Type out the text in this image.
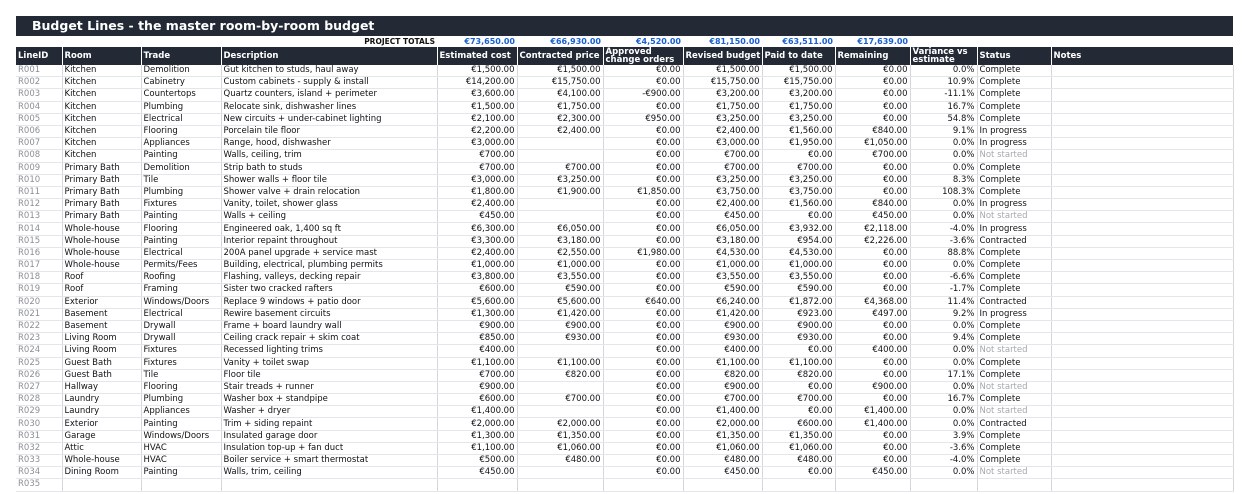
Budget Lines - the master room-by-room budget
PROJECT TOTALS	€73,650.00	€66,930.00	€4,520.00	€81,150.00	€63,511.00	€17,639.00
LineID	Room	Trade	Description	Estimated cost	Contracted price	Approved change orders	Revised budget	Paid to date	Remaining	Variance vs estimate	Status	Notes
R001	Kitchen	Demolition	Gut kitchen to studs, haul away	€1,500.00	€1,500.00	€0.00	€1,500.00	€1,500.00	€0.00	0.0%	Complete	
R002	Kitchen	Cabinetry	Custom cabinets - supply & install	€14,200.00	€15,750.00	€0.00	€15,750.00	€15,750.00	€0.00	10.9%	Complete	
R003	Kitchen	Countertops	Quartz counters, island + perimeter	€3,600.00	€4,100.00	-€900.00	€3,200.00	€3,200.00	€0.00	-11.1%	Complete	
R004	Kitchen	Plumbing	Relocate sink, dishwasher lines	€1,500.00	€1,750.00	€0.00	€1,750.00	€1,750.00	€0.00	16.7%	Complete	
R005	Kitchen	Electrical	New circuits + under-cabinet lighting	€2,100.00	€2,300.00	€950.00	€3,250.00	€3,250.00	€0.00	54.8%	Complete	
R006	Kitchen	Flooring	Porcelain tile floor	€2,200.00	€2,400.00	€0.00	€2,400.00	€1,560.00	€840.00	9.1%	In progress	
R007	Kitchen	Appliances	Range, hood, dishwasher	€3,000.00		€0.00	€3,000.00	€1,950.00	€1,050.00	0.0%	In progress	
R008	Kitchen	Painting	Walls, ceiling, trim	€700.00		€0.00	€700.00	€0.00	€700.00	0.0%	Not started	
R009	Primary Bath	Demolition	Strip bath to studs	€700.00	€700.00	€0.00	€700.00	€700.00	€0.00	0.0%	Complete	
R010	Primary Bath	Tile	Shower walls + floor tile	€3,000.00	€3,250.00	€0.00	€3,250.00	€3,250.00	€0.00	8.3%	Complete	
R011	Primary Bath	Plumbing	Shower valve + drain relocation	€1,800.00	€1,900.00	€1,850.00	€3,750.00	€3,750.00	€0.00	108.3%	Complete	
R012	Primary Bath	Fixtures	Vanity, toilet, shower glass	€2,400.00		€0.00	€2,400.00	€1,560.00	€840.00	0.0%	In progress	
R013	Primary Bath	Painting	Walls + ceiling	€450.00		€0.00	€450.00	€0.00	€450.00	0.0%	Not started	
R014	Whole-house	Flooring	Engineered oak, 1,400 sq ft	€6,300.00	€6,050.00	€0.00	€6,050.00	€3,932.00	€2,118.00	-4.0%	In progress	
R015	Whole-house	Painting	Interior repaint throughout	€3,300.00	€3,180.00	€0.00	€3,180.00	€954.00	€2,226.00	-3.6%	Contracted	
R016	Whole-house	Electrical	200A panel upgrade + service mast	€2,400.00	€2,550.00	€1,980.00	€4,530.00	€4,530.00	€0.00	88.8%	Complete	
R017	Whole-house	Permits/Fees	Building, electrical, plumbing permits	€1,000.00	€1,000.00	€0.00	€1,000.00	€1,000.00	€0.00	0.0%	Complete	
R018	Roof	Roofing	Flashing, valleys, decking repair	€3,800.00	€3,550.00	€0.00	€3,550.00	€3,550.00	€0.00	-6.6%	Complete	
R019	Roof	Framing	Sister two cracked rafters	€600.00	€590.00	€0.00	€590.00	€590.00	€0.00	-1.7%	Complete	
R020	Exterior	Windows/Doors	Replace 9 windows + patio door	€5,600.00	€5,600.00	€640.00	€6,240.00	€1,872.00	€4,368.00	11.4%	Contracted	
R021	Basement	Electrical	Rewire basement circuits	€1,300.00	€1,420.00	€0.00	€1,420.00	€923.00	€497.00	9.2%	In progress	
R022	Basement	Drywall	Frame + board laundry wall	€900.00	€900.00	€0.00	€900.00	€900.00	€0.00	0.0%	Complete	
R023	Living Room	Drywall	Ceiling crack repair + skim coat	€850.00	€930.00	€0.00	€930.00	€930.00	€0.00	9.4%	Complete	
R024	Living Room	Fixtures	Recessed lighting trims	€400.00		€0.00	€400.00	€0.00	€400.00	0.0%	Not started	
R025	Guest Bath	Fixtures	Vanity + toilet swap	€1,100.00	€1,100.00	€0.00	€1,100.00	€1,100.00	€0.00	0.0%	Complete	
R026	Guest Bath	Tile	Floor tile	€700.00	€820.00	€0.00	€820.00	€820.00	€0.00	17.1%	Complete	
R027	Hallway	Flooring	Stair treads + runner	€900.00		€0.00	€900.00	€0.00	€900.00	0.0%	Not started	
R028	Laundry	Plumbing	Washer box + standpipe	€600.00	€700.00	€0.00	€700.00	€700.00	€0.00	16.7%	Complete	
R029	Laundry	Appliances	Washer + dryer	€1,400.00		€0.00	€1,400.00	€0.00	€1,400.00	0.0%	Not started	
R030	Exterior	Painting	Trim + siding repaint	€2,000.00	€2,000.00	€0.00	€2,000.00	€600.00	€1,400.00	0.0%	Contracted	
R031	Garage	Windows/Doors	Insulated garage door	€1,300.00	€1,350.00	€0.00	€1,350.00	€1,350.00	€0.00	3.9%	Complete	
R032	Attic	HVAC	Insulation top-up + fan duct	€1,100.00	€1,060.00	€0.00	€1,060.00	€1,060.00	€0.00	-3.6%	Complete	
R033	Whole-house	HVAC	Boiler service + smart thermostat	€500.00	€480.00	€0.00	€480.00	€480.00	€0.00	-4.0%	Complete	
R034	Dining Room	Painting	Walls, trim, ceiling	€450.00		€0.00	€450.00	€0.00	€450.00	0.0%	Not started	
R035												
